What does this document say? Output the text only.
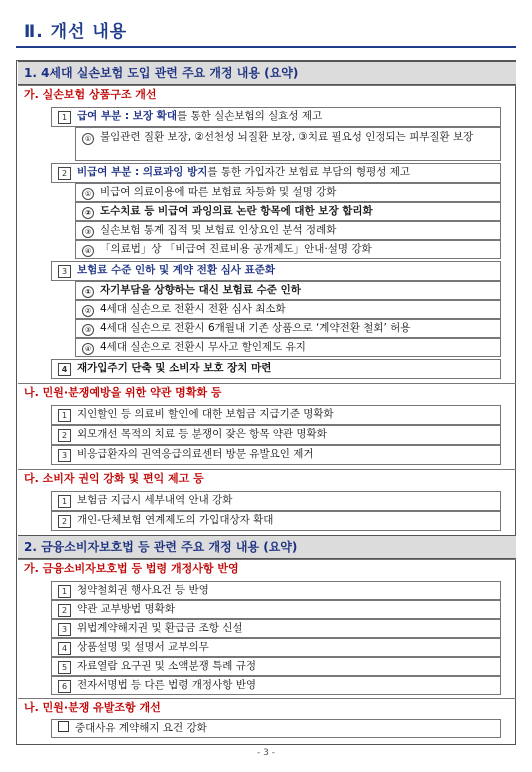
Ⅱ. 개선 내용
1. 4세대 실손보험 도입 관련 주요 개정 내용 (요약)
가. 실손보험 상품구조 개선
1 급여 부분 : 보장 확대를 통한 실손보험의 실효성 제고
① 불임관련 질환 보장, ②선천성 뇌질환 보장, ③치료 필요성 인정되는 피부질환 보장
2 비급여 부분 : 의료과잉 방지를 통한 가입자간 보험료 부담의 형평성 제고
① 비급여 의료이용에 따른 보험료 차등화 및 설명 강화
② 도수치료 등 비급여 과잉의료 논란 항목에 대한 보장 합리화
③ 실손보험 통계 집적 및 보험료 인상요인 분석 정례화
④ 「의료법」상 「비급여 진료비용 공개제도」안내·설명 강화
3 보험료 수준 인하 및 계약 전환 심사 표준화
① 자기부담을 상향하는 대신 보험료 수준 인하
② 4세대 실손으로 전환시 전환 심사 최소화
③ 4세대 실손으로 전환시 6개월내 기존 상품으로 ‘계약전환 철회’ 허용
④ 4세대 실손으로 전환시 무사고 할인제도 유지
4 재가입주기 단축 및 소비자 보호 장치 마련
나. 민원·분쟁예방을 위한 약관 명확화 등
1 지인할인 등 의료비 할인에 대한 보험금 지급기준 명확화
2 외모개선 목적의 치료 등 분쟁이 잦은 항목 약관 명확화
3 비응급환자의 권역응급의료센터 방문 유발요인 제거
다. 소비자 권익 강화 및 편익 제고 등
1 보험금 지급시 세부내역 안내 강화
2 개인-단체보험 연계제도의 가입대상자 확대
2. 금융소비자보호법 등 관련 주요 개정 내용 (요약)
가. 금융소비자보호법 등 법령 개정사항 반영
1 청약철회권 행사요건 등 반영
2 약관 교부방법 명확화
3 위법계약해지권 및 환급금 조항 신설
4 상품설명 및 설명서 교부의무
5 자료열람 요구권 및 소액분쟁 특례 규정
6 전자서명법 등 다른 법령 개정사항 반영
나. 민원·분쟁 유발조항 개선
중대사유 계약해지 요건 강화
- 3 -
